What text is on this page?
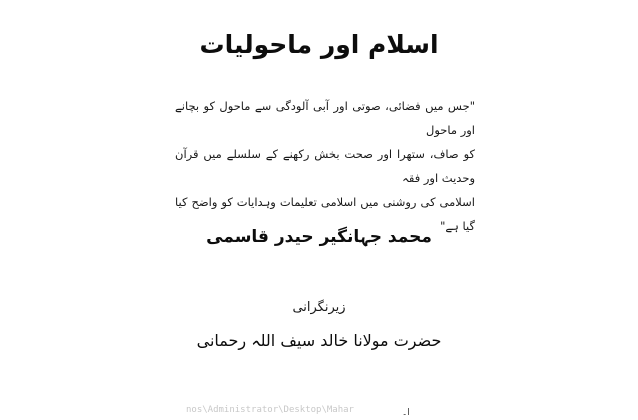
اسلام اور ماحولیات

"جس میں فضائی، صوتی اور آبی آلودگی سے ماحول کو بچانے اور ماحول

کو صاف، ستھرا اور صحت بخش رکھنے کے سلسلے میں قرآن وحدیث اور فقہ

اسلامی کی روشنی میں اسلامی تعلیمات وہدایات کو واضح کیا گیا ہے"

محمد جہانگیر حیدر قاسمی
زیرنگرانی
حضرت مولانا خالد سیف اللہ رحمانی
nos\Administrator\Desktop\Mahar	ا۔
